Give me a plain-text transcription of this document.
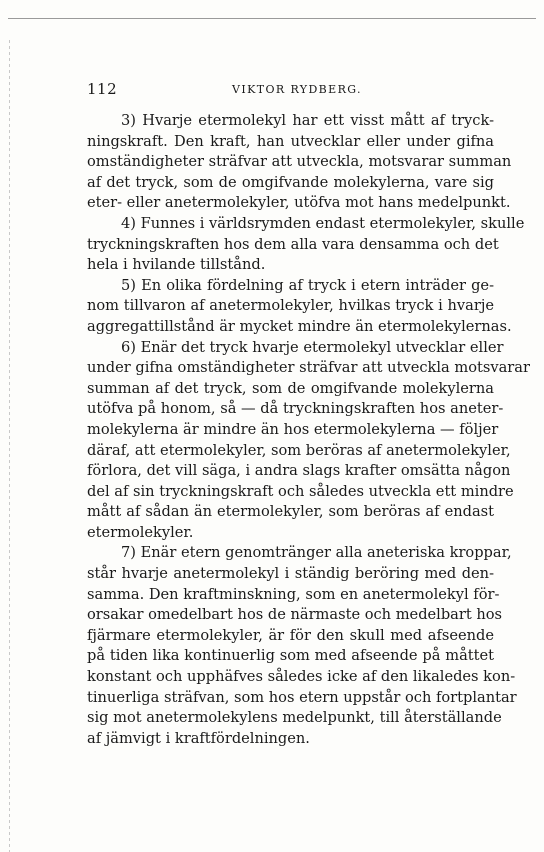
112	VIKTOR RYDBERG.
3) Hvarje etermolekyl har ett visst mått af tryck-
ningskraft. Den kraft, han utvecklar eller under gifna
omständigheter sträfvar att utveckla, motsvarar summan
af det tryck, som de omgifvande molekylerna, vare sig
eter- eller anetermolekyler, utöfva mot hans medelpunkt.
4) Funnes i världsrymden endast etermolekyler, skulle
tryckningskraften hos dem alla vara densamma och det
hela i hvilande tillstånd.
5) En olika fördelning af tryck i etern inträder ge-
nom tillvaron af anetermolekyler, hvilkas tryck i hvarje
aggregattillstånd är mycket mindre än etermolekylernas.
6) Enär det tryck hvarje etermolekyl utvecklar eller
under gifna omständigheter sträfvar att utveckla motsvarar
summan af det tryck, som de omgifvande molekylerna
utöfva på honom, så — då tryckningskraften hos aneter-
molekylerna är mindre än hos etermolekylerna — följer
däraf, att etermolekyler, som beröras af anetermolekyler,
förlora, det vill säga, i andra slags krafter omsätta någon
del af sin tryckningskraft och således utveckla ett mindre
mått af sådan än etermolekyler, som beröras af endast
etermolekyler.
7) Enär etern genomtränger alla aneteriska kroppar,
står hvarje anetermolekyl i ständig beröring med den-
samma. Den kraftminskning, som en anetermolekyl för-
orsakar omedelbart hos de närmaste och medelbart hos
fjärmare etermolekyler, är för den skull med afseende
på tiden lika kontinuerlig som med afseende på måttet
konstant och upphäfves således icke af den likaledes kon-
tinuerliga sträfvan, som hos etern uppstår och fortplantar
sig mot anetermolekylens medelpunkt, till återställande
af jämvigt i kraftfördelningen.
